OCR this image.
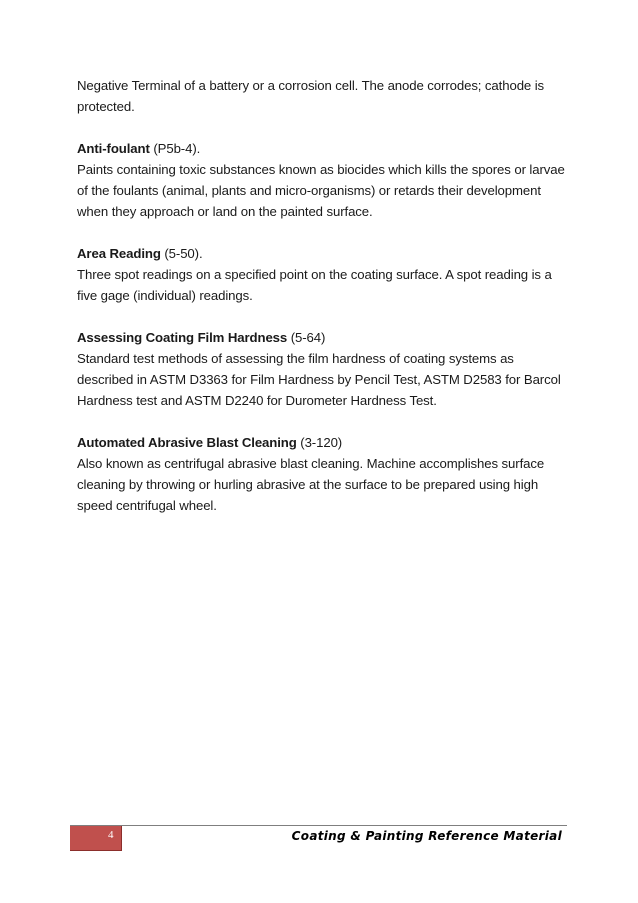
Negative Terminal of a battery or a corrosion cell. The anode corrodes; cathode is protected.

Anti-foulant (P5b-4).
Paints containing toxic substances known as biocides which kills the spores or larvae of the foulants (animal, plants and micro-organisms) or retards their development when they approach or land on the painted surface.

Area Reading (5-50).
Three spot readings on a specified point on the coating surface. A spot reading is a five gage (individual) readings.

Assessing Coating Film Hardness (5-64)
Standard test methods of assessing the film hardness of coating systems as described in ASTM D3363 for Film Hardness by Pencil Test, ASTM D2583 for Barcol Hardness test and ASTM D2240 for Durometer Hardness Test.

Automated Abrasive Blast Cleaning (3-120)
Also known as centrifugal abrasive blast cleaning. Machine accomplishes surface cleaning by throwing or hurling abrasive at the surface to be prepared using high speed centrifugal wheel.

4	Coating & Painting Reference Material
